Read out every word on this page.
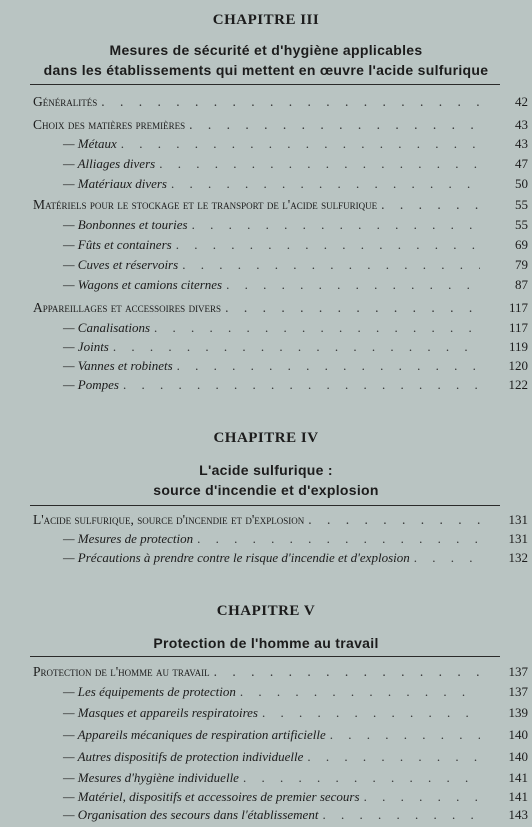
CHAPITRE III
Mesures de sécurité et d'hygiène applicables
dans les établissements qui mettent en œuvre l'acide sulfurique
Généralités . . .	42
Choix des matières premières . . .	43
— Métaux . . .	43
— Alliages divers . . .	47
— Matériaux divers . . .	50
Matériels pour le stockage et le transport de l'acide sulfurique . . .	55
— Bonbonnes et touries . . .	55
— Fûts et containers . . .	69
— Cuves et réservoirs . . .	79
— Wagons et camions citernes . . .	87
Appareillages et accessoires divers . . .	117
— Canalisations . . .	117
— Joints . . .	119
— Vannes et robinets . . .	120
— Pompes . . .	122
CHAPITRE IV
L'acide sulfurique :
source d'incendie et d'explosion
L'acide sulfurique, source d'incendie et d'explosion . . .	131
— Mesures de protection . . .	131
— Précautions à prendre contre le risque d'incendie et d'explosion . . .	132
CHAPITRE V
Protection de l'homme au travail
Protection de l'homme au travail . . .	137
— Les équipements de protection . . .	137
— Masques et appareils respiratoires . . .	139
— Appareils mécaniques de respiration artificielle . . .	140
— Autres dispositifs de protection individuelle . . .	140
— Mesures d'hygiène individuelle . . .	141
— Matériel, dispositifs et accessoires de premier secours . . .	141
— Organisation des secours dans l'établissement . . .	143
